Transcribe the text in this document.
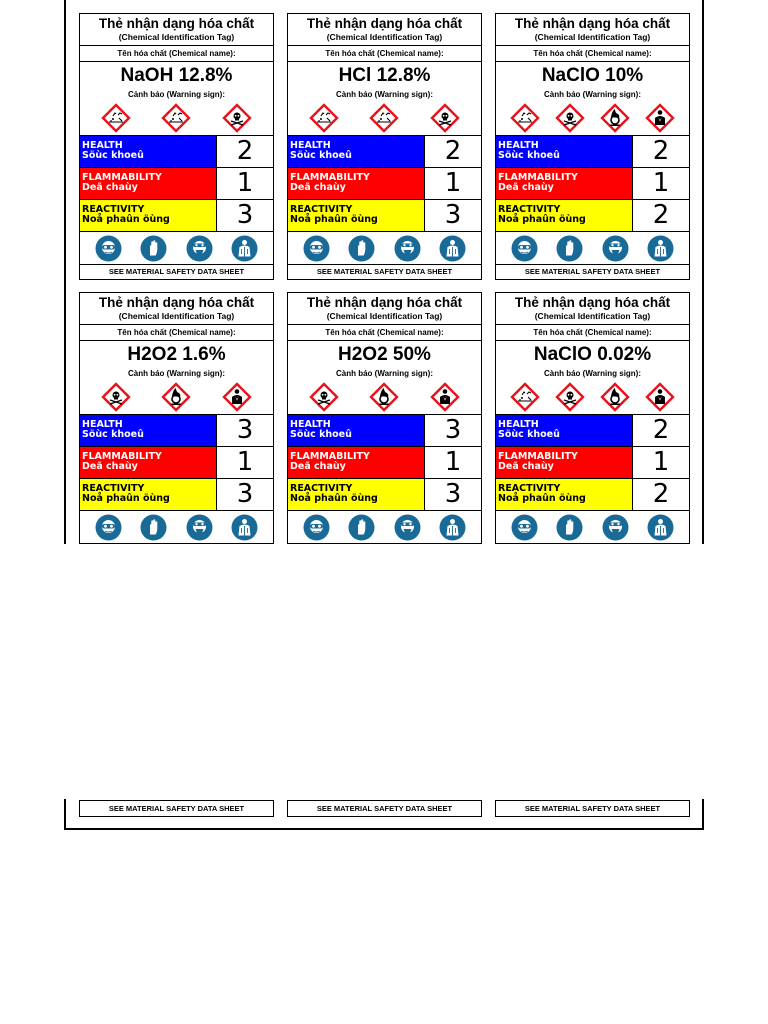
Thẻ nhận dạng hóa chất
(Chemical Identification Tag)
Tên hóa chất (Chemical name):
NaOH 12.8%
Cảnh báo (Warning sign):
HEALTH
Söùc khoeû	2
FLAMMABILITY
Deã chaùy	1
REACTIVITY
Noå phaûn öùng	3
SEE MATERIAL SAFETY DATA SHEET
Thẻ nhận dạng hóa chất
(Chemical Identification Tag)
Tên hóa chất (Chemical name):
HCl 12.8%
Cành báo (Warning sign):
HEALTH
Söùc khoeû	2
FLAMMABILITY
Deã chaùy	1
REACTIVITY
Noå phaûn öùng	3
SEE MATERIAL SAFETY DATA SHEET
Thẻ nhận dạng hóa chất
(Chemical Identification Tag)
Tên hóa chất (Chemical name):
NaClO 10%
Cành báo (Warning sign):
HEALTH
Söùc khoeû	2
FLAMMABILITY
Deã chaùy	1
REACTIVITY
Noå phaûn öùng	2
SEE MATERIAL SAFETY DATA SHEET
Thẻ nhận dạng hóa chất
(Chemical Identification Tag)
Tên hóa chất (Chemical name):
H2O2 1.6%
Cành báo (Warning sign):
HEALTH
Söùc khoeû	3
FLAMMABILITY
Deã chaùy	1
REACTIVITY
Noå phaûn öùng	3
Thẻ nhận dạng hóa chất
(Chemical Identification Tag)
Tên hóa chất (Chemical name):
H2O2 50%
Cành báo (Warning sign):
HEALTH
Söùc khoeû	3
FLAMMABILITY
Deã chaùy	1
REACTIVITY
Noå phaûn öùng	3
Thẻ nhận dạng hóa chất
(Chemical Identification Tag)
Tên hóa chất (Chemical name):
NaClO 0.02%
Cành báo (Warning sign):
HEALTH
Söùc khoeû	2
FLAMMABILITY
Deã chaùy	1
REACTIVITY
Noå phaûn öùng	2
SEE MATERIAL SAFETY DATA SHEET	SEE MATERIAL SAFETY DATA SHEET	SEE MATERIAL SAFETY DATA SHEET
